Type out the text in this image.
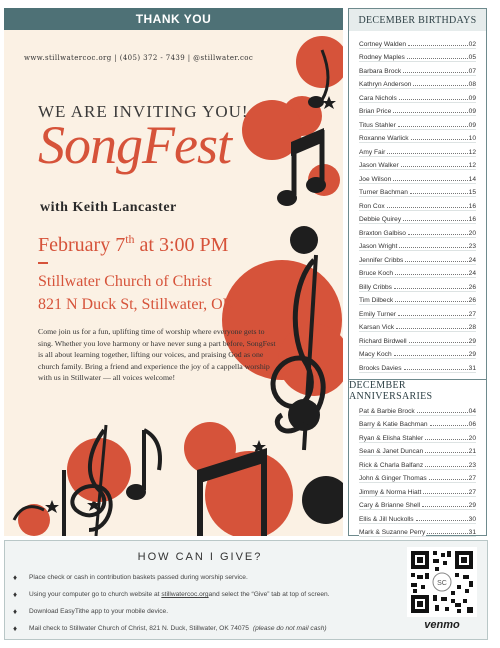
THANK YOU
www.stillwatercoc.org | (405) 372 - 7439 | @stillwater.coc
WE ARE INVITING YOU!
SongFest
with Keith Lancaster
February 7th at 3:00 PM
Stillwater Church of Christ
821 N Duck St, Stillwater, OK
Come join us for a fun, uplifting time of worship where everyone gets to sing. Whether you love harmony or have never sung a part before, SongFest is all about learning together, lifting our voices, and praising God as one church family. Bring a friend and experience the joy of a cappella worship with us in Stillwater — all voices welcome!
DECEMBER BIRTHDAYS
Cortney Walden	02
Rodney Maples	05
Barbara Brock	07
Kathryn Anderson	08
Cara Nichols	09
Brian Price	09
Titus Stahler	09
Roxanne Warlick	10
Amy Fair	12
Jason Walker	12
Joe Wilson	14
Turner Bachman	15
Ron Cox	16
Debbie Quirey	16
Braxton Galbiso	20
Jason Wright	23
Jennifer Cribbs	24
Bruce Koch	24
Billy Cribbs	26
Tim Dilbeck	26
Emily Turner	27
Karsan Vick	28
Richard Birdwell	29
Macy Koch	29
Brooks Davies	31
DECEMBER ANNIVERSARIES
Pat & Barbie Brock	04
Barry & Katie Bachman	06
Ryan & Elisha Stahler	20
Sean & Janet Duncan	21
Rick & Charla Balfanz	23
John & Ginger Thomas	27
Jimmy & Norma Hiatt	27
Cary & Brianne Shell	29
Ellis & Jill Nuckolls	30
Mark & Suzanne Perry	31
HOW CAN I GIVE?
♦ Place check or cash in contribution baskets passed during worship service.
♦ Using your computer go to church website at
stillwatercoc.org and select the “Give” tab at top of screen.
♦ Download EasyTithe app to your mobile device.
♦ Mail check to Stillwater Church of Christ, 821 N. Duck, Stillwater, OK 74075 (please do not mail cash)
SC
venmo
